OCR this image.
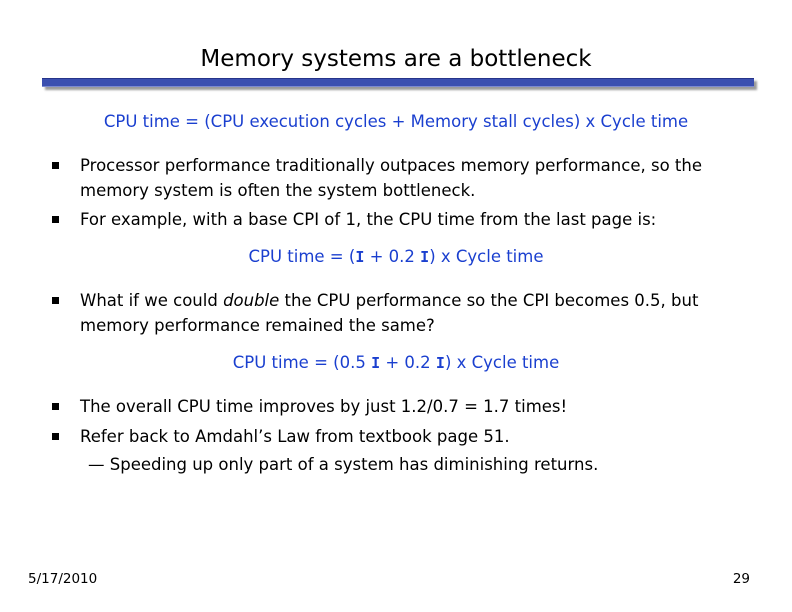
Memory systems are a bottleneck
CPU time = (CPU execution cycles + Memory stall cycles) x Cycle time
Processor performance traditionally outpaces memory performance, so the memory system is often the system bottleneck.
For example, with a base CPI of 1, the CPU time from the last page is:
CPU time = (I + 0.2 I) x Cycle time
What if we could double the CPU performance so the CPI becomes 0.5, but memory performance remained the same?
CPU time = (0.5 I + 0.2 I) x Cycle time
The overall CPU time improves by just 1.2/0.7 = 1.7 times!
Refer back to Amdahl’s Law from textbook page 51.
— Speeding up only part of a system has diminishing returns.
5/17/2010	29
